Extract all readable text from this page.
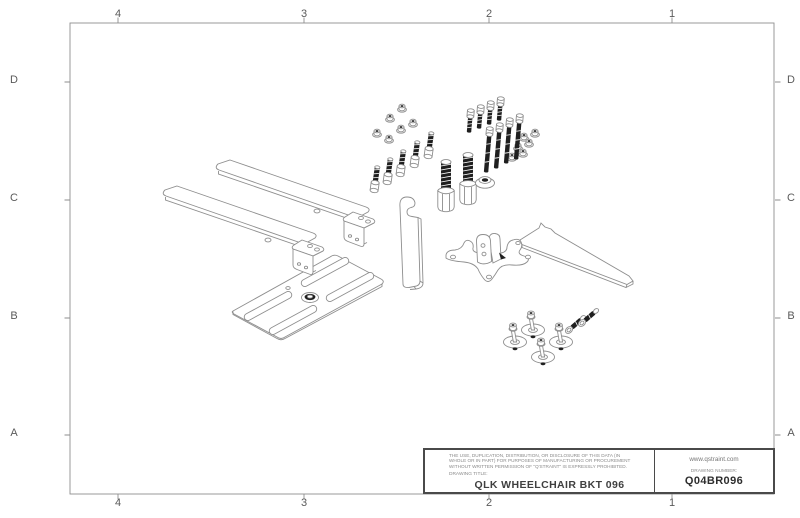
4	3	2	1
4	3	2	1
D
C
B
A
D
C
B
A
THE USE, DUPLICATION, DISTRIBUTION, OR DISCLOSURE OF THIS DATA (IN
WHOLE OR IN PART) FOR PURPOSES OF MANUFACTURING OR PROCUREMENT
WITHOUT WRITTEN PERMISSION OF "Q'STRAINT" IS EXPRESSLY PROHIBITED.
DRAWING TITLE:
QLK WHEELCHAIR BKT 096
www.qstraint.com
DRAWING NUMBER:
Q04BR096
